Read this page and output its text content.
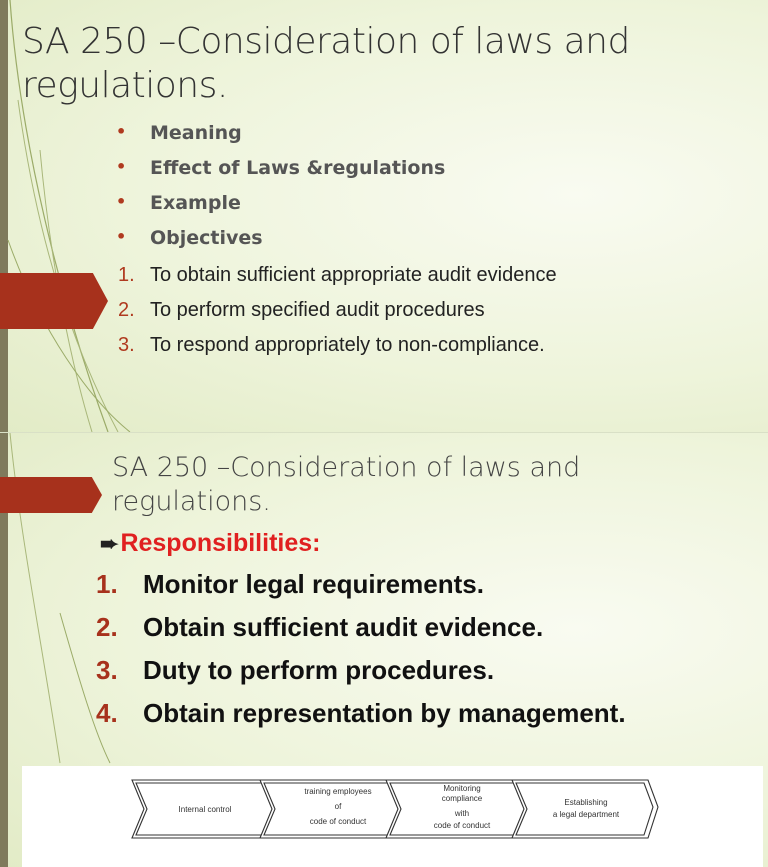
SA 250 –Consideration of laws and regulations.
• Meaning
• Effect of Laws &regulations
• Example
• Objectives
1. To obtain sufficient appropriate audit evidence
2. To perform specified audit procedures
3. To respond appropriately to non-compliance.
SA 250 –Consideration of laws and regulations.
➨Responsibilities:
1. Monitor legal requirements.
2. Obtain sufficient audit evidence.
3. Duty to perform procedures.
4. Obtain representation by management.
Internal control
training employees
of
code of conduct
Monitoring
compliance
with
code of conduct
Establishing
a legal department
